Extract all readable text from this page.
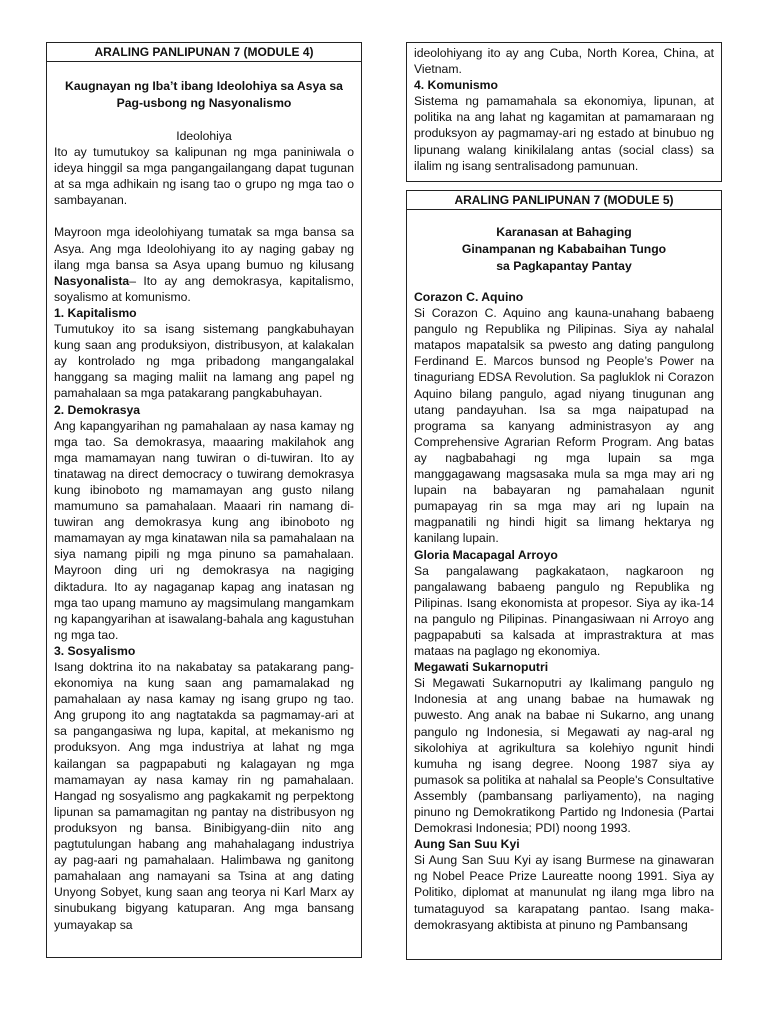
ARALING PANLIPUNAN 7 (MODULE 4)
Kaugnayan ng Iba’t ibang Ideolohiya sa Asya sa
Pag-usbong ng Nasyonalismo

Ideolohiya

Ito ay tumutukoy sa kalipunan ng mga paniniwala o ideya hinggil sa mga pangangailangang dapat tugunan at sa mga adhikain ng isang tao o grupo ng mga tao o sambayanan.

Mayroon mga ideolohiyang tumatak sa mga bansa sa Asya. Ang mga Ideolohiyang ito ay naging gabay ng ilang mga bansa sa Asya upang bumuo ng kilusang Nasyonalista– Ito ay ang demokrasya, kapitalismo, soyalismo at komunismo.

1. Kapitalismo

Tumutukoy ito sa isang sistemang pangkabuhayan kung saan ang produksiyon, distribusyon, at kalakalan ay kontrolado ng mga pribadong mangangalakal hanggang sa maging maliit na lamang ang papel ng pamahalaan sa mga patakarang pangkabuhayan.

2. Demokrasya

Ang kapangyarihan ng pamahalaan ay nasa kamay ng mga tao. Sa demokrasya, maaaring makilahok ang mga mamamayan nang tuwiran o di-tuwiran. Ito ay tinatawag na direct democracy o tuwirang demokrasya kung ibinoboto ng mamamayan ang gusto nilang mamumuno sa pamahalaan. Maaari rin namang di-tuwiran ang demokrasya kung ang ibinoboto ng mamamayan ay mga kinatawan nila sa pamahalaan na siya namang pipili ng mga pinuno sa pamahalaan. Mayroon ding uri ng demokrasya na nagiging diktadura. Ito ay nagaganap kapag ang inatasan ng mga tao upang mamuno ay magsimulang mangamkam ng kapangyarihan at isawalang-bahala ang kagustuhan ng mga tao.

3. Sosyalismo

Isang doktrina ito na nakabatay sa patakarang pang-ekonomiya na kung saan ang pamamalakad ng pamahalaan ay nasa kamay ng isang grupo ng tao. Ang grupong ito ang nagtatakda sa pagmamay-ari at sa pangangasiwa ng lupa, kapital, at mekanismo ng produksyon. Ang mga industriya at lahat ng mga kailangan sa pagpapabuti ng kalagayan ng mga mamamayan ay nasa kamay rin ng pamahalaan. Hangad ng sosyalismo ang pagkakamit ng perpektong lipunan sa pamamagitan ng pantay na distribusyon ng produksyon ng bansa. Binibigyang-diin nito ang pagtutulungan habang ang mahahalagang industriya ay pag-aari ng pamahalaan. Halimbawa ng ganitong pamahalaan ang namayani sa Tsina at ang dating Unyong Sobyet, kung saan ang teorya ni Karl Marx ay sinubukang bigyang katuparan. Ang mga bansang yumayakap sa

ideolohiyang ito ay ang Cuba, North Korea, China, at Vietnam.

4. Komunismo

Sistema ng pamamahala sa ekonomiya, lipunan, at politika na ang lahat ng kagamitan at pamamaraan ng produksyon ay pagmamay-ari ng estado at binubuo ng lipunang walang kinikilalang antas (social class) sa ilalim ng isang sentralisadong pamunuan.

ARALING PANLIPUNAN 7 (MODULE 5)
Karanasan at Bahaging
Ginampanan ng Kababaihan Tungo
sa Pagkapantay Pantay

Corazon C. Aquino

Si Corazon C. Aquino ang kauna-unahang babaeng pangulo ng Republika ng Pilipinas. Siya ay nahalal matapos mapatalsik sa pwesto ang dating pangulong Ferdinand E. Marcos bunsod ng People’s Power na tinaguriang EDSA Revolution. Sa pagluklok ni Corazon Aquino bilang pangulo, agad niyang tinugunan ang utang pandayuhan. Isa sa mga naipatupad na programa sa kanyang administrasyon ay ang Comprehensive Agrarian Reform Program. Ang batas ay nagbabahagi ng mga lupain sa mga manggagawang magsasaka mula sa mga may ari ng lupain na babayaran ng pamahalaan ngunit pumapayag rin sa mga may ari ng lupain na magpanatili ng hindi higit sa limang hektarya ng kanilang lupain.

Gloria Macapagal Arroyo

Sa pangalawang pagkakataon, nagkaroon ng pangalawang babaeng pangulo ng Republika ng Pilipinas. Isang ekonomista at propesor. Siya ay ika-14 na pangulo ng Pilipinas. Pinangasiwaan ni Arroyo ang pagpapabuti sa kalsada at imprastraktura at mas mataas na paglago ng ekonomiya.

Megawati Sukarnoputri

Si Megawati Sukarnoputri ay Ikalimang pangulo ng Indonesia at ang unang babae na humawak ng puwesto. Ang anak na babae ni Sukarno, ang unang pangulo ng Indonesia, si Megawati ay nag-aral ng sikolohiya at agrikultura sa kolehiyo ngunit hindi kumuha ng isang degree. Noong 1987 siya ay pumasok sa politika at nahalal sa People's Consultative Assembly (pambansang parliyamento), na naging pinuno ng Demokratikong Partido ng Indonesia (Partai Demokrasi Indonesia; PDI) noong 1993.

Aung San Suu Kyi

Si Aung San Suu Kyi ay isang Burmese na ginawaran ng Nobel Peace Prize Laureatte noong 1991. Siya ay Politiko, diplomat at manunulat ng ilang mga libro na tumataguyod sa karapatang pantao. Isang maka-demokrasyang aktibista at pinuno ng Pambansang
